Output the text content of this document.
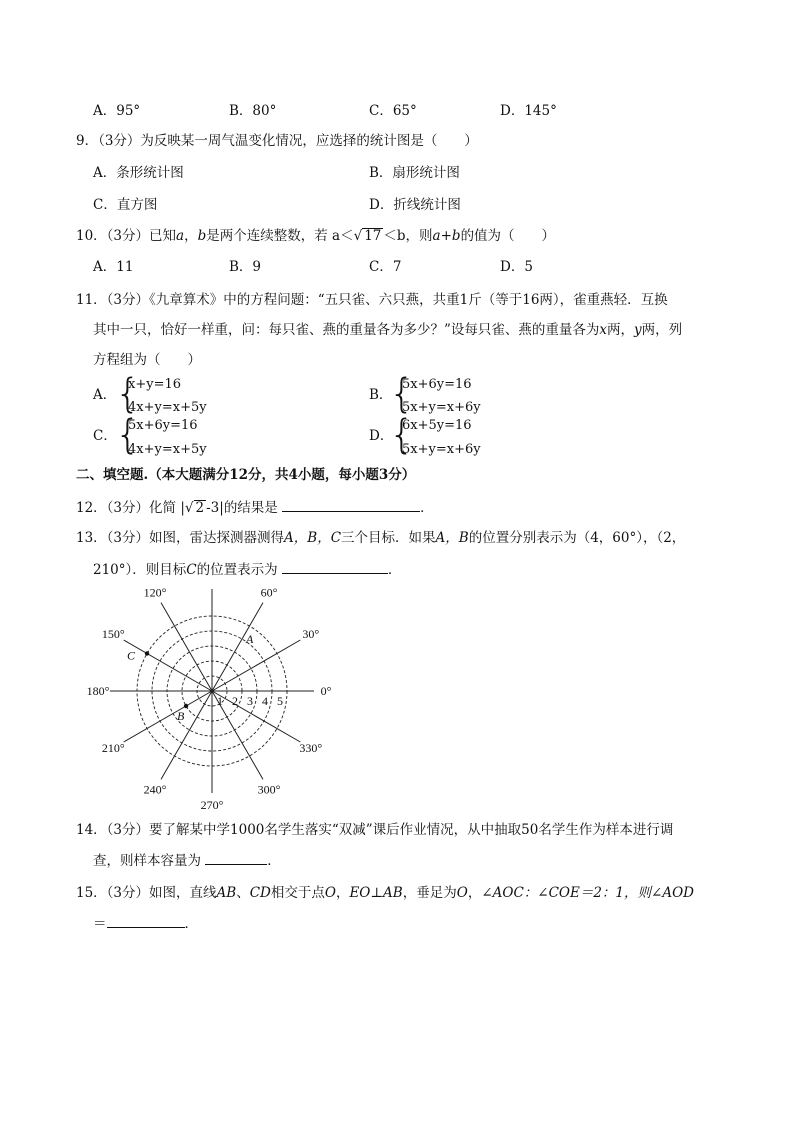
A．95°	B．80°	C．65°	D．145°
9．（3分）为反映某一周气温变化情况，应选择的统计图是（　　）
A．条形统计图	B．扇形统计图
C．直方图	D．折线统计图
10．（3分）已知a，b是两个连续整数，若 a＜√ 17 ＜b，则a+b的值为（　　）
A．11	B．9	C．7	D．5
11．（3分）《九章算术》中的方程问题：“五只雀、六只燕，共重1斤（等于16两），雀重燕轻．互换
其中一只，恰好一样重，问：每只雀、燕的重量各为多少？”设每只雀、燕的重量各为x两，y两，列
方程组为（　　）
A．
{
x+y=16
4x+y=x+5y
B．
{
5x+6y=16
5x+y=x+6y
C．
{
5x+6y=16
4x+y=x+5y
D．
{
6x+5y=16
5x+y=x+6y
二、填空题.（本大题满分12分，共4小题，每小题3分）
12．（3分）化简 |√ 2 -3|的结果是	．
13．（3分）如图，雷达探测器测得A，B，C三个目标．如果A，B的位置分别表示为（4，60°），（2，
210°）．则目标C的位置表示为	．
0°
30°
60°
120°
150°
180°
210°
240°
270°
300°
330°
1 2 3 4 5
A
B
C
14．（3分）要了解某中学1000名学生落实“双减”课后作业情况，从中抽取50名学生作为样本进行调
查，则样本容量为	．
15．（3分）如图，直线AB、CD相交于点O，EO⊥AB，垂足为O，∠AOC：∠COE＝2：1，则∠AOD
＝	．
